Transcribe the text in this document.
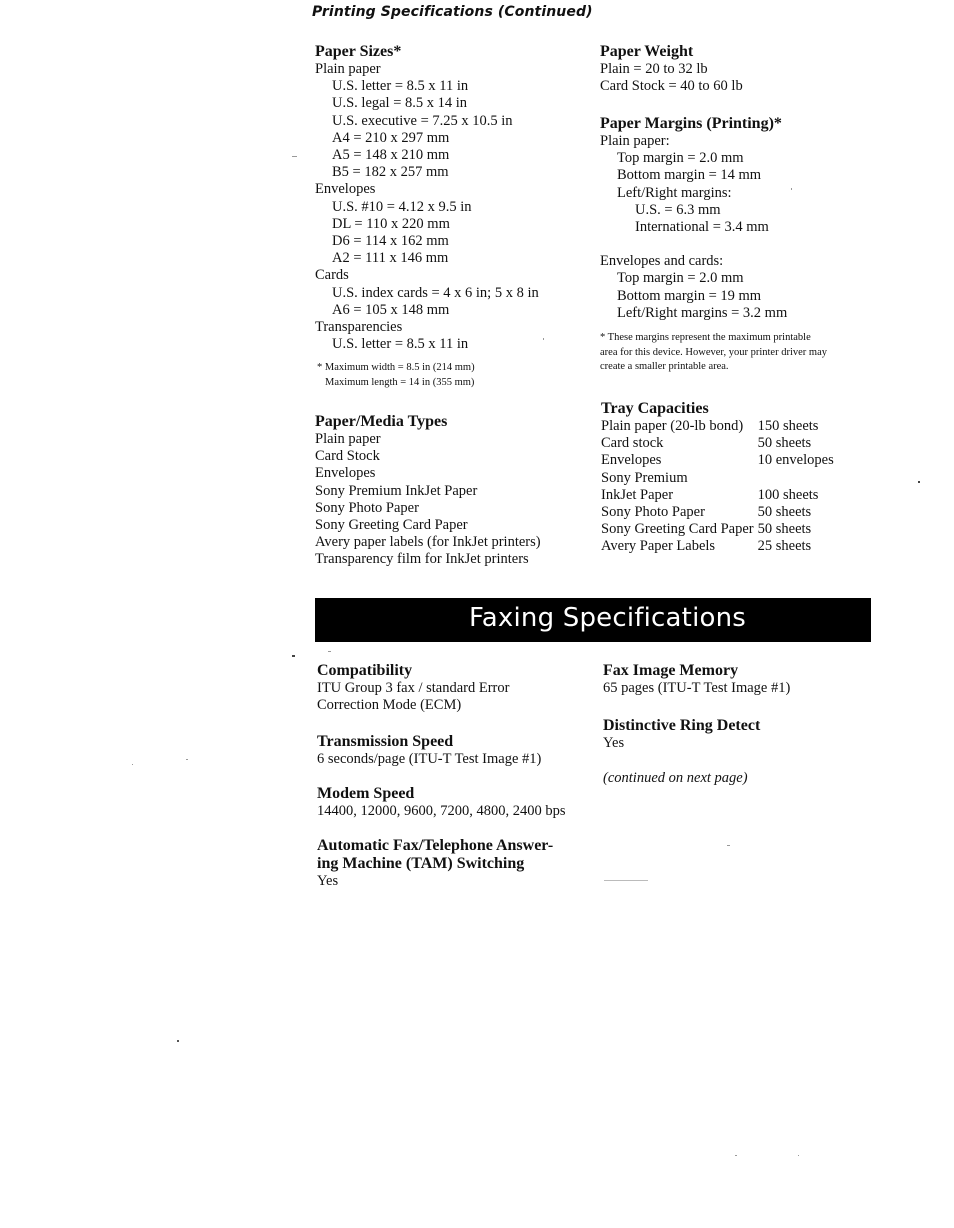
Printing Specifications (Continued)
Paper Sizes*
Plain paper
U.S. letter = 8.5 x 11 in
U.S. legal = 8.5 x 14 in
U.S. executive = 7.25 x 10.5 in
A4 = 210 x 297 mm
A5 = 148 x 210 mm
B5 = 182 x 257 mm
Envelopes
U.S. #10 = 4.12 x 9.5 in
DL = 110 x 220 mm
D6 = 114 x 162 mm
A2 = 111 x 146 mm
Cards
U.S. index cards = 4 x 6 in; 5 x 8 in
A6 = 105 x 148 mm
Transparencies
U.S. letter = 8.5 x 11 in
* Maximum width = 8.5 in (214 mm)
Maximum length = 14 in (355 mm)
Paper/Media Types
Plain paper
Card Stock
Envelopes
Sony Premium InkJet Paper
Sony Photo Paper
Sony Greeting Card Paper
Avery paper labels (for InkJet printers)
Transparency film for InkJet printers
Paper Weight
Plain = 20 to 32 lb
Card Stock = 40 to 60 lb
Paper Margins (Printing)*
Plain paper:
Top margin = 2.0 mm
Bottom margin = 14 mm
Left/Right margins:
U.S. = 6.3 mm
International = 3.4 mm
Envelopes and cards:
Top margin = 2.0 mm
Bottom margin = 19 mm
Left/Right margins = 3.2 mm
* These margins represent the maximum printable
area for this device. However, your printer driver may
create a smaller printable area.
Tray Capacities
Plain paper (20-lb bond)	150 sheets
Card stock	50 sheets
Envelopes	10 envelopes
Sony Premium	
InkJet Paper	100 sheets
Sony Photo Paper	50 sheets
Sony Greeting Card Paper	50 sheets
Avery Paper Labels	25 sheets
Faxing Specifications
Compatibility
ITU Group 3 fax / standard Error
Correction Mode (ECM)
Transmission Speed
6 seconds/page (ITU-T Test Image #1)
Modem Speed
14400, 12000, 9600, 7200, 4800, 2400 bps
Automatic Fax/Telephone Answer-
ing Machine (TAM) Switching
Yes
Fax Image Memory
65 pages (ITU-T Test Image #1)
Distinctive Ring Detect
Yes
(continued on next page)
